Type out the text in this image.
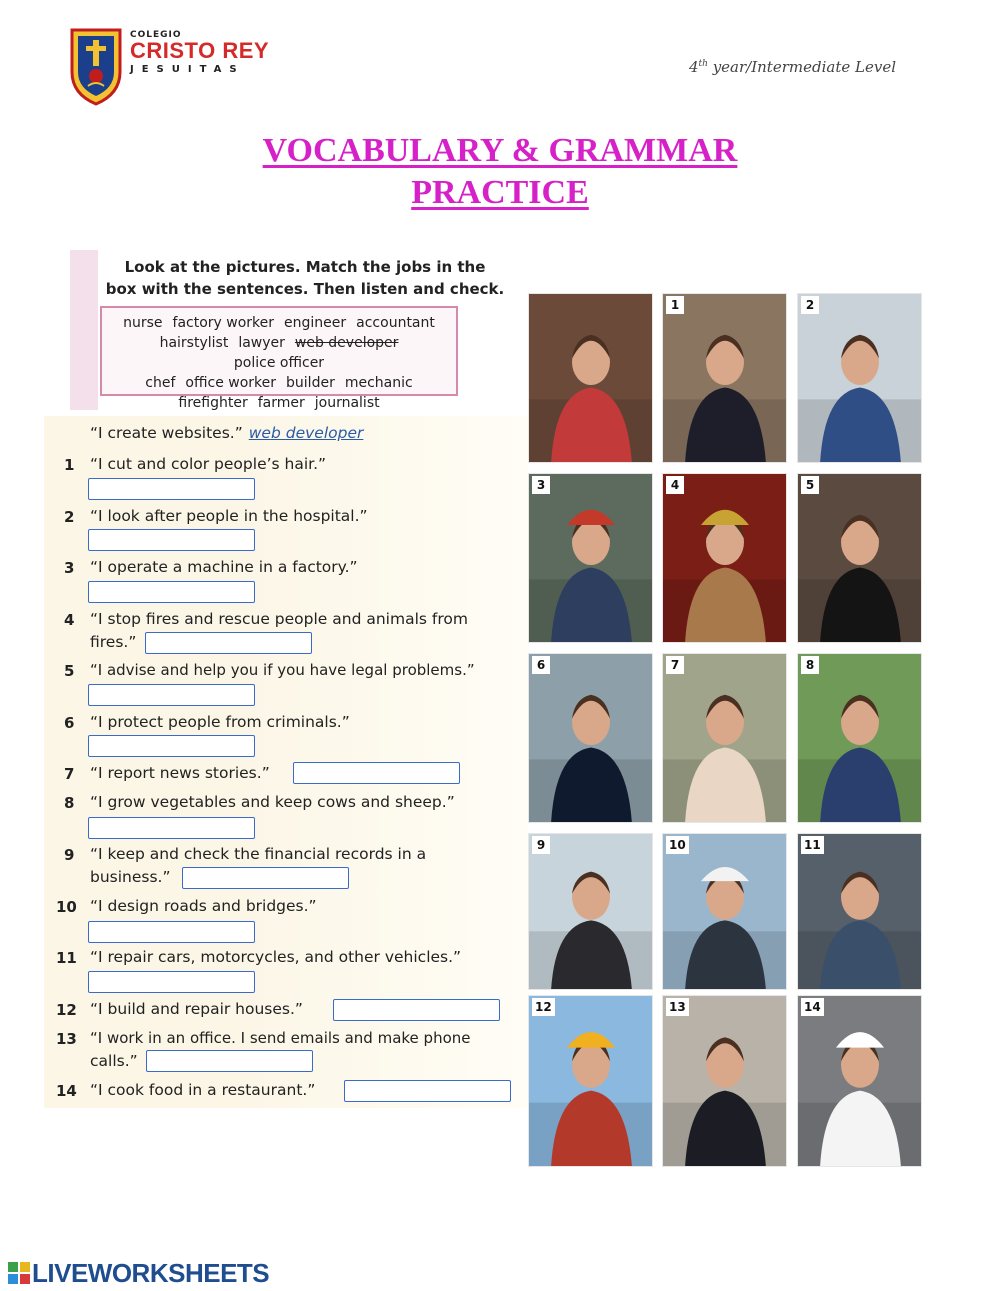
COLEGIO
CRISTO REY
JESUITAS	4th year/Intermediate Level
VOCABULARY & GRAMMAR
PRACTICE
Look at the pictures. Match the jobs in the
box with the sentences. Then listen and check.
nurse factory worker engineer accountant
hairstylist lawyer web developerpolice officer
chef office worker builder mechanic
firefighter farmer journalist
“I create websites.” web developer
1 “I cut and color people’s hair.”
2 “I look after people in the hospital.”
3 “I operate a machine in a factory.”
4 “I stop fires and rescue people and animals from
fires.”
5 “I advise and help you if you have legal problems.”
6 “I protect people from criminals.”
7 “I report news stories.”
8 “I grow vegetables and keep cows and sheep.”
9 “I keep and check the financial records in a
business.”
10 “I design roads and bridges.”
11 “I repair cars, motorcycles, and other vehicles.”
12 “I build and repair houses.”
13 “I work in an office. I send emails and make phone
calls.”
14 “I cook food in a restaurant.”
1	2
3	4	5
6	7	8
9	10	11
12	13	14
LIVEWORKSHEETS
